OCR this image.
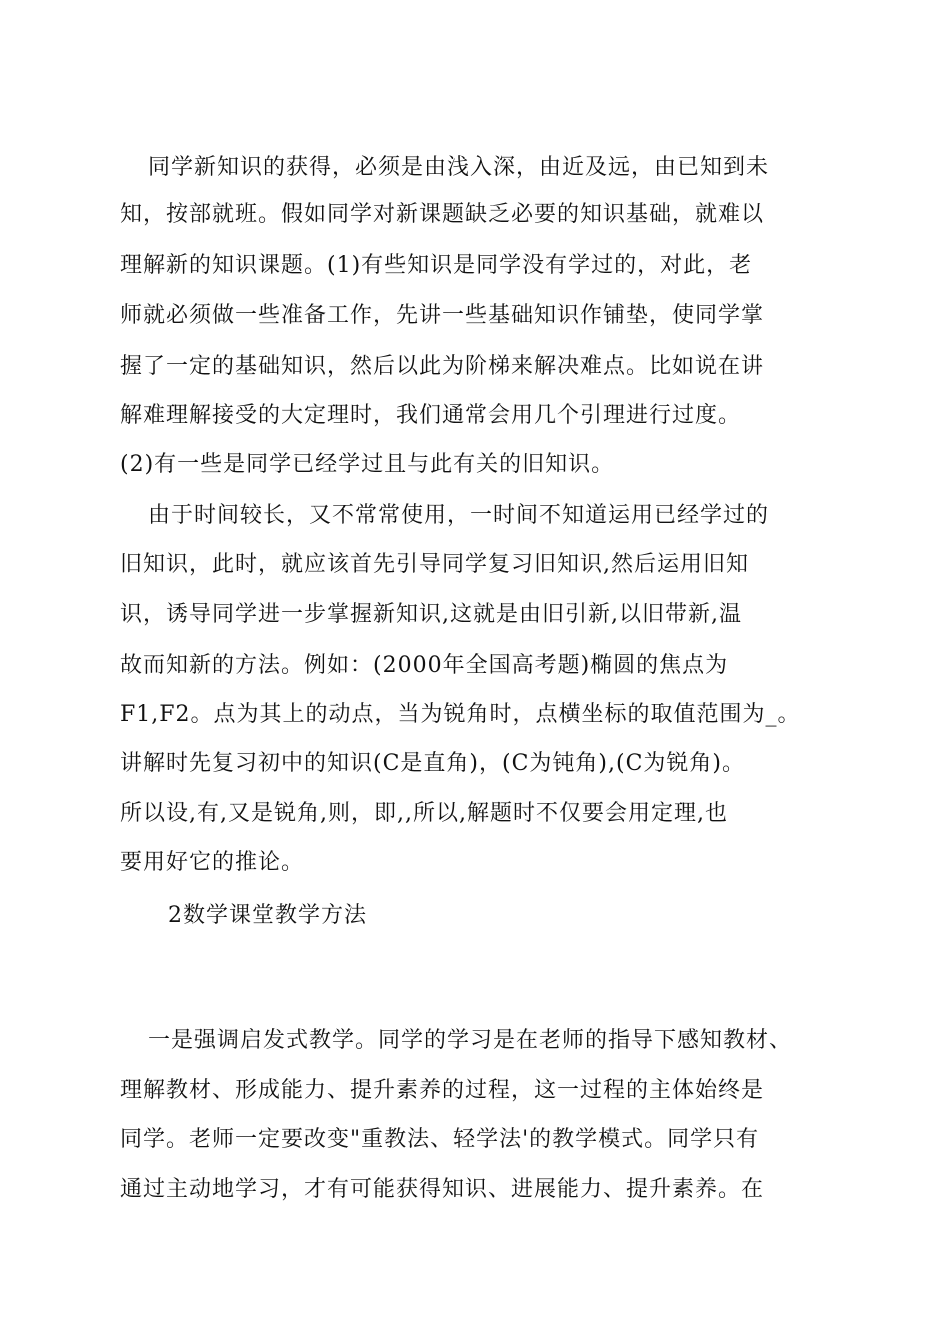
同学新知识的获得，必须是由浅入深，由近及远，由已知到未
知，按部就班。假如同学对新课题缺乏必要的知识基础，就难以
理解新的知识课题。(1)有些知识是同学没有学过的，对此，老
师就必须做一些准备工作，先讲一些基础知识作铺垫，使同学掌
握了一定的基础知识，然后以此为阶梯来解决难点。比如说在讲
解难理解接受的大定理时，我们通常会用几个引理进行过度。
(2)有一些是同学已经学过且与此有关的旧知识。
由于时间较长，又不常常使用，一时间不知道运用已经学过的
旧知识，此时，就应该首先引导同学复习旧知识,然后运用旧知
识，诱导同学进一步掌握新知识,这就是由旧引新,以旧带新,温
故而知新的方法。例如：(2000年全国高考题)椭圆的焦点为
F1,F2。点为其上的动点，当为锐角时，点横坐标的取值范围为_。
讲解时先复习初中的知识(C是直角)，(C为钝角),(C为锐角)。
所以设,有,又是锐角,则，即,,所以,解题时不仅要会用定理,也
要用好它的推论。
2数学课堂教学方法
一是强调启发式教学。同学的学习是在老师的指导下感知教材、
理解教材、形成能力、提升素养的过程，这一过程的主体始终是
同学。老师一定要改变"重教法、轻学法'的教学模式。同学只有
通过主动地学习，才有可能获得知识、进展能力、提升素养。在
